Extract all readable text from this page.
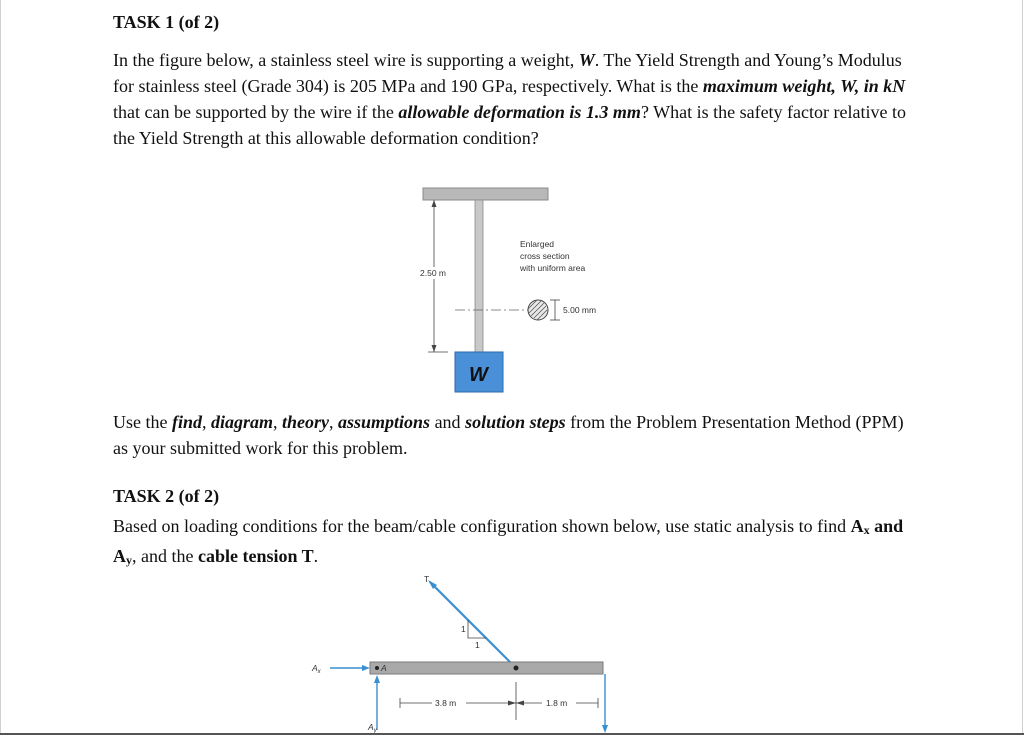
TASK 1 (of 2)

In the figure below, a stainless steel wire is supporting a weight, W. The Yield Strength and Young’s Modulus for stainless steel (Grade 304) is 205 MPa and 190 GPa, respectively. What is the maximum weight, W, in kN that can be supported by the wire if the allowable deformation is 1.3 mm? What is the safety factor relative to the Yield Strength at this allowable deformation condition?

2.50 m
5.00 mm
Enlarged
cross section
with uniform area
W

Use the find, diagram, theory, assumptions and solution steps from the Problem Presentation Method (PPM) as your submitted work for this problem.

TASK 2 (of 2)

Based on loading conditions for the beam/cable configuration shown below, use static analysis to find Ax and Ay, and the cable tension T.

T
1
1
A
$A_x$
$A_y$
3.8 m	1.8 m
